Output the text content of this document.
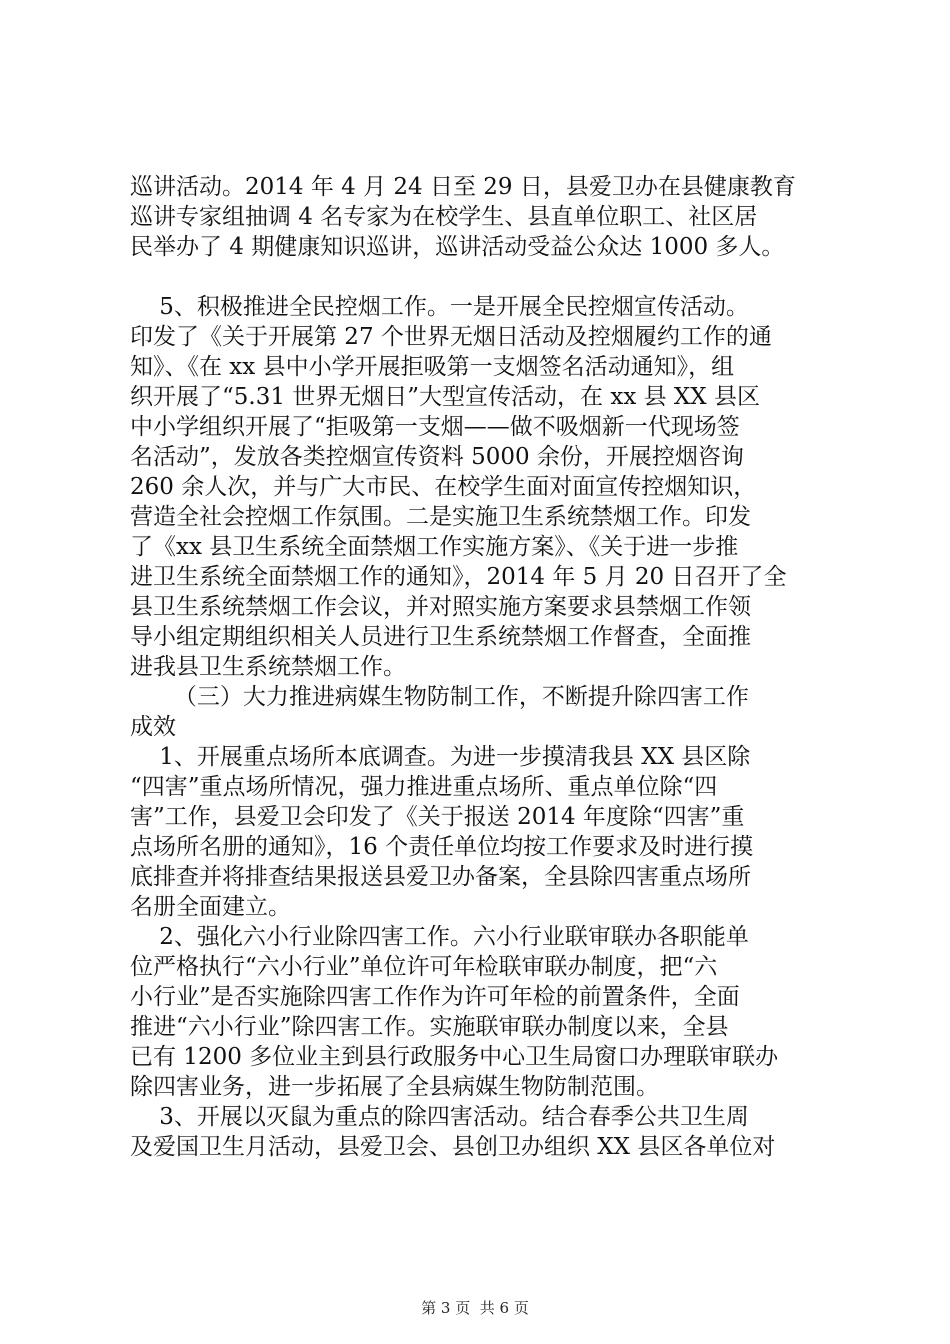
巡讲活动。2014 年 4 月 24 日至 29 日，县爱卫办在县健康教育
巡讲专家组抽调 4 名专家为在校学生、县直单位职工、社区居
民举办了 4 期健康知识巡讲，巡讲活动受益公众达 1000 多人。
5、积极推进全民控烟工作。一是开展全民控烟宣传活动。
印发了《关于开展第 27 个世界无烟日活动及控烟履约工作的通
知》、《在 xx 县中小学开展拒吸第一支烟签名活动通知》，组
织开展了“5.31 世界无烟日”大型宣传活动，在 xx 县 XX 县区
中小学组织开展了“拒吸第一支烟——做不吸烟新一代现场签
名活动”，发放各类控烟宣传资料 5000 余份，开展控烟咨询
260 余人次，并与广大市民、在校学生面对面宣传控烟知识，
营造全社会控烟工作氛围。二是实施卫生系统禁烟工作。印发
了《xx 县卫生系统全面禁烟工作实施方案》、《关于进一步推
进卫生系统全面禁烟工作的通知》，2014 年 5 月 20 日召开了全
县卫生系统禁烟工作会议，并对照实施方案要求县禁烟工作领
导小组定期组织相关人员进行卫生系统禁烟工作督查，全面推
进我县卫生系统禁烟工作。
（三）大力推进病媒生物防制工作，不断提升除四害工作
成效
1、开展重点场所本底调查。为进一步摸清我县 XX 县区除
“四害”重点场所情况，强力推进重点场所、重点单位除“四
害”工作，县爱卫会印发了《关于报送 2014 年度除“四害”重
点场所名册的通知》，16 个责任单位均按工作要求及时进行摸
底排查并将排查结果报送县爱卫办备案，全县除四害重点场所
名册全面建立。
2、强化六小行业除四害工作。六小行业联审联办各职能单
位严格执行“六小行业”单位许可年检联审联办制度，把“六
小行业”是否实施除四害工作作为许可年检的前置条件，全面
推进“六小行业”除四害工作。实施联审联办制度以来，全县
已有 1200 多位业主到县行政服务中心卫生局窗口办理联审联办
除四害业务，进一步拓展了全县病媒生物防制范围。
3、开展以灭鼠为重点的除四害活动。结合春季公共卫生周
及爱国卫生月活动，县爱卫会、县创卫办组织 XX 县区各单位对
第 3 页  共 6 页
